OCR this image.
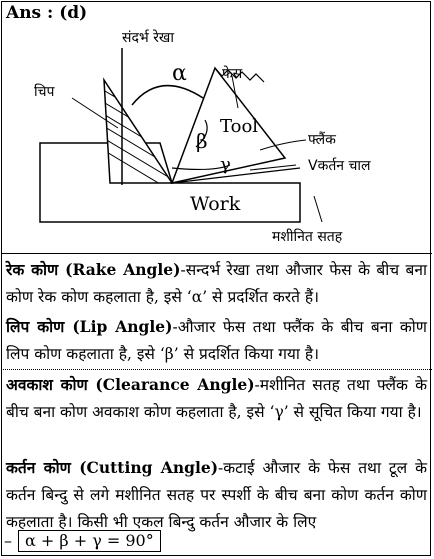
Ans : (d)
संदर्भ रेखा
α	फेस
चिप
Tool
β	फ्लैंक
γ	Vकर्तन चाल
Work
मशीनित सतह
रेक कोण (Rake Angle)-सन्दर्भ रेखा तथा औजार फेस के बीच बना कोण रेक कोण कहलाता है, इसे ‘α’ से प्रदर्शित करते हैं।
लिप कोण (Lip Angle)-औजार फेस तथा फ्लैंक के बीच बना कोण लिप कोण कहलाता है, इसे ‘β’ से प्रदर्शित किया गया है।
अवकाश कोण (Clearance Angle)-मशीनित सतह तथा फ्लैंक के बीच बना कोण अवकाश कोण कहलाता है, इसे ‘γ’ से सूचित किया गया है।
कर्तन कोण (Cutting Angle)-कटाई औजार के फेस तथा टूल के कर्तन बिन्दु से लगे मशीनित सतह पर स्पर्शी के बीच बना कोण कर्तन कोण कहलाता है। किसी भी एकल बिन्दु कर्तन औजार के लिए
– α + β + γ = 90°
